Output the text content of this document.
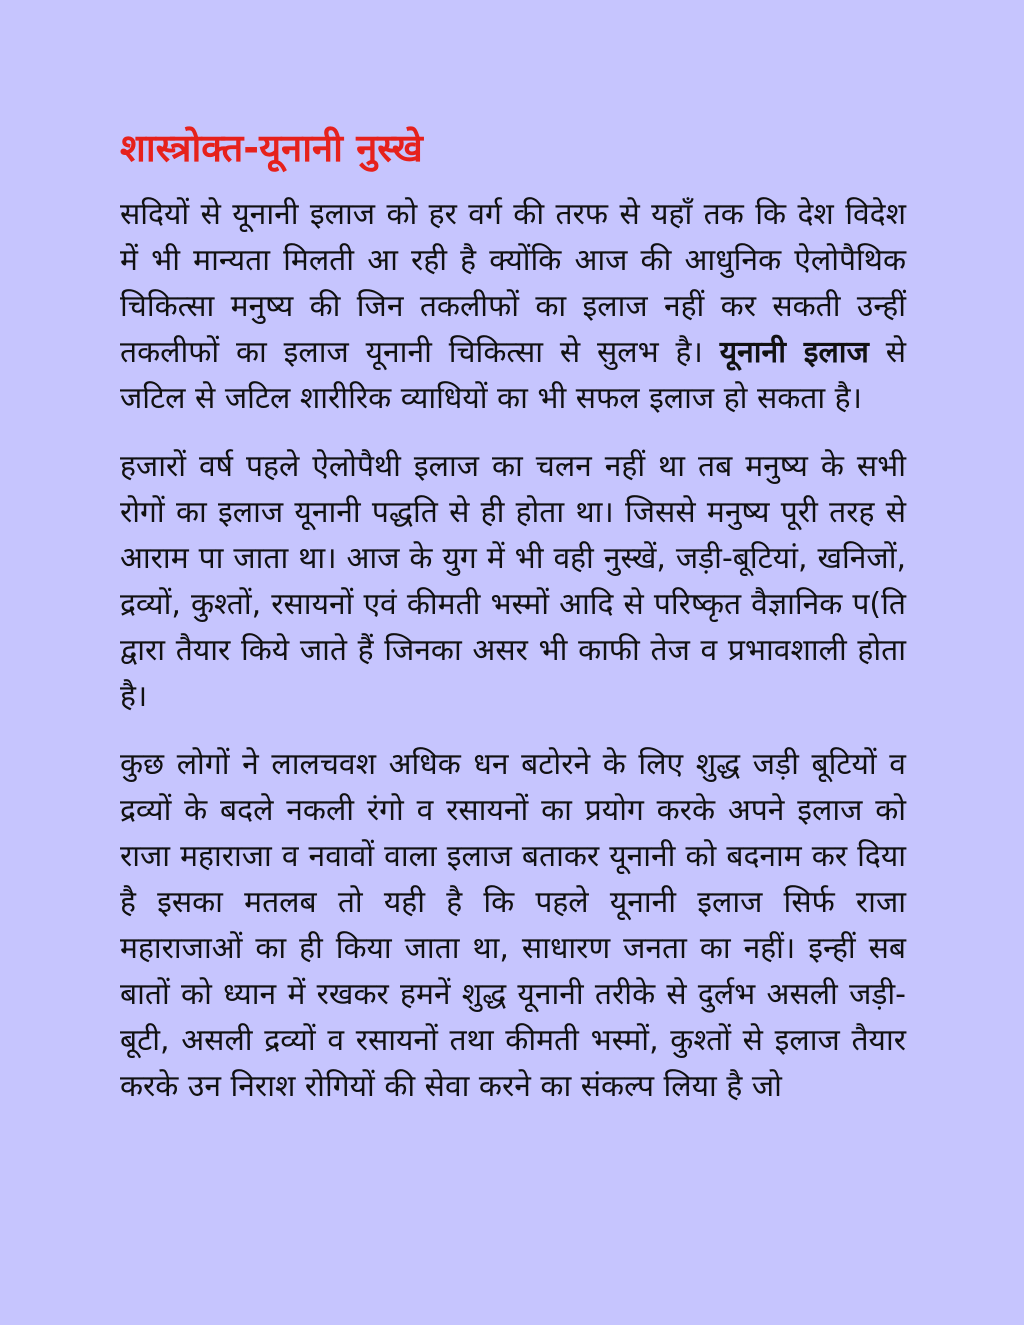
शास्त्रोक्त-यूनानी नुस्खे

सदियों से यूनानी इलाज को हर वर्ग की तरफ से यहाँ तक कि देश विदेश में भी मान्यता मिलती आ रही है क्योंकि आज की आधुनिक ऐलोपैथिक चिकित्सा मनुष्य की जिन तकलीफों का इलाज नहीं कर सकती उन्हीं तकलीफों का इलाज यूनानी चिकित्सा से सुलभ है। यूनानी इलाज से जटिल से जटिल शारीरिक व्याधियों का भी सफल इलाज हो सकता है।

हजारों वर्ष पहले ऐलोपैथी इलाज का चलन नहीं था तब मनुष्य के सभी रोगों का इलाज यूनानी पद्धति से ही होता था। जिससे मनुष्य पूरी तरह से आराम पा जाता था। आज के युग में भी वही नुस्खें, जड़ी-बूटियां, खनिजों, द्रव्यों, कुश्तों, रसायनों एवं कीमती भस्मों आदि से परिष्कृत वैज्ञानिक प(ति द्वारा तैयार किये जाते हैं जिनका असर भी काफी तेज व प्रभावशाली होता है।

कुछ लोगों ने लालचवश अधिक धन बटोरने के लिए शुद्ध जड़ी बूटियों व द्रव्यों के बदले नकली रंगो व रसायनों का प्रयोग करके अपने इलाज को राजा महाराजा व नवावों वाला इलाज बताकर यूनानी को बदनाम कर दिया है इसका मतलब तो यही है कि पहले यूनानी इलाज सिर्फ राजा महाराजाओं का ही किया जाता था, साधारण जनता का नहीं। इन्हीं सब बातों को ध्यान में रखकर हमनें शुद्ध यूनानी तरीके से दुर्लभ असली जड़ी-बूटी, असली द्रव्यों व रसायनों तथा कीमती भस्मों, कुश्तों से इलाज तैयार करके उन निराश रोगियों की सेवा करने का संकल्प लिया है जो
